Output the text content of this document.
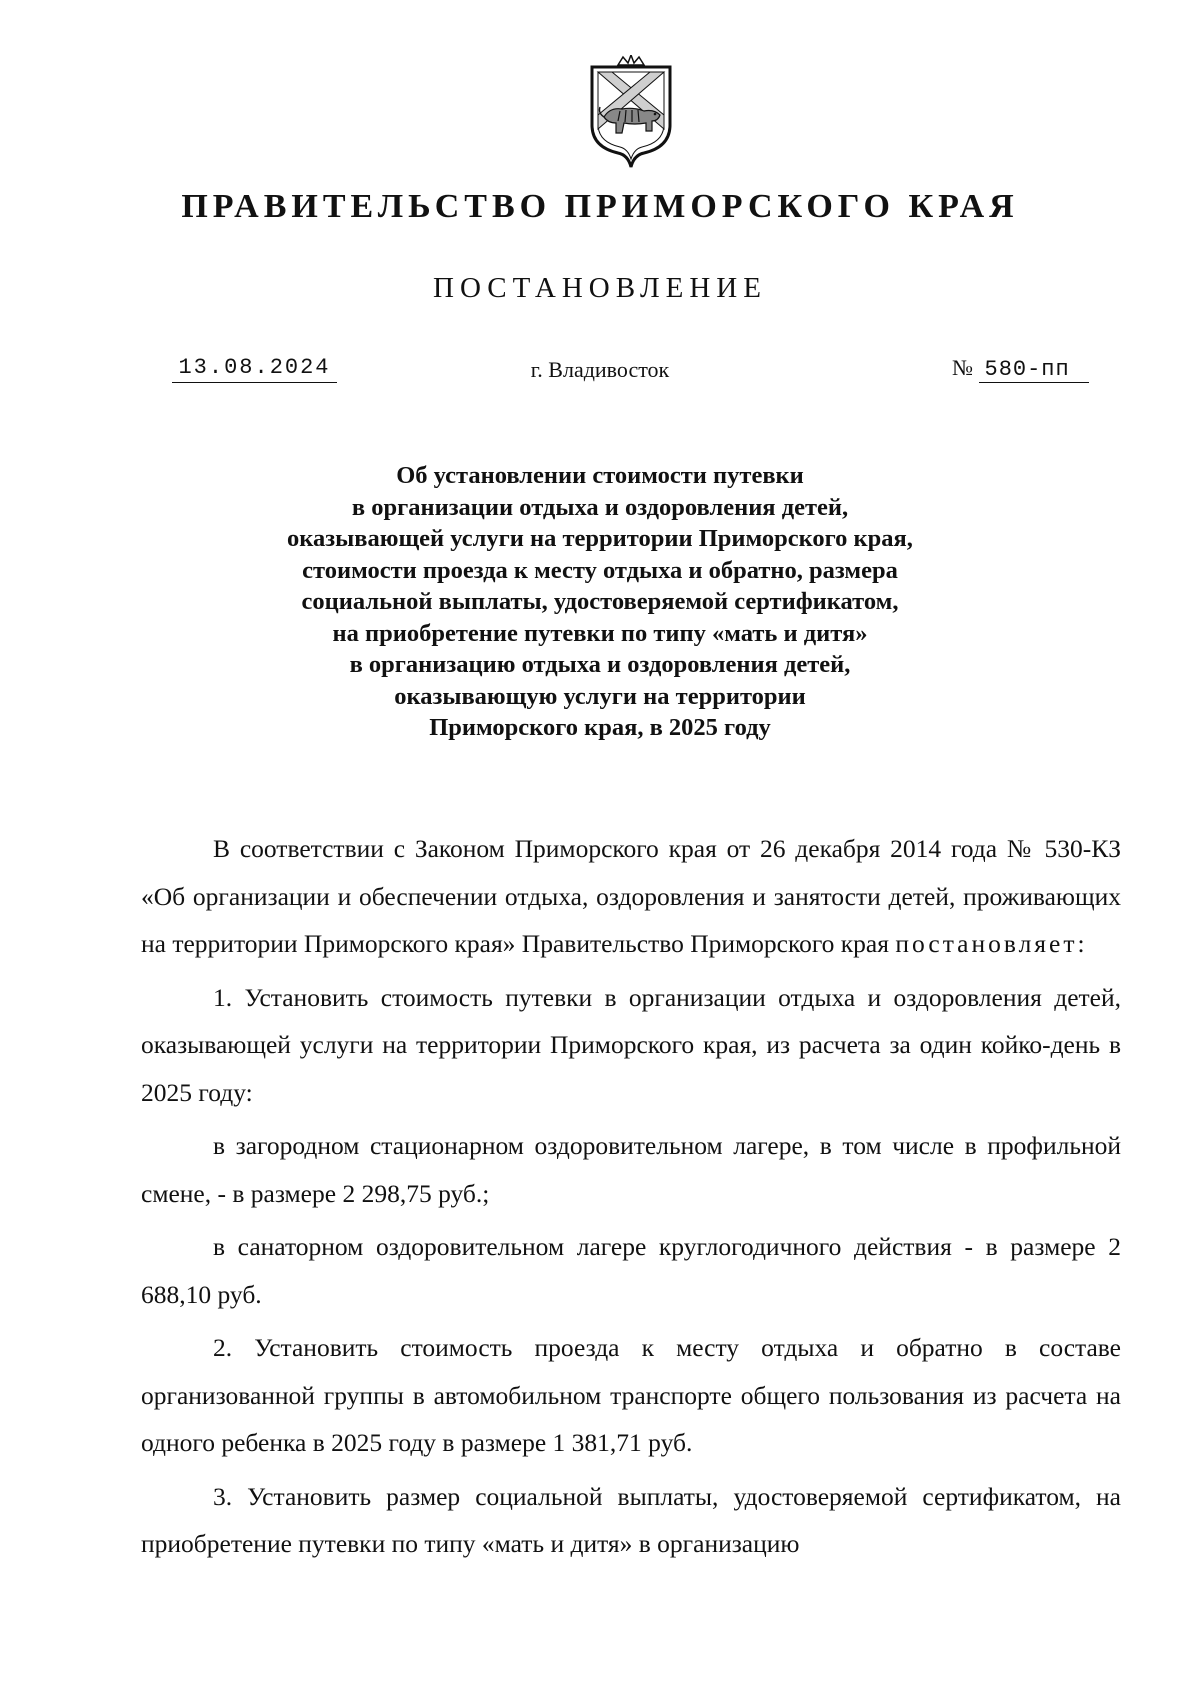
ПРАВИТЕЛЬСТВО ПРИМОРСКОГО КРАЯ
ПОСТАНОВЛЕНИЕ
13.08.2024	г. Владивосток	№ 580-пп
Об установлении стоимости путевки
в организации отдыха и оздоровления детей,
оказывающей услуги на территории Приморского края,
стоимости проезда к месту отдыха и обратно, размера
социальной выплаты, удостоверяемой сертификатом,
на приобретение путевки по типу «мать и дитя»
в организацию отдыха и оздоровления детей,
оказывающую услуги на территории
Приморского края, в 2025 году

В соответствии с Законом Приморского края от 26 декабря 2014 года № 530-КЗ «Об организации и обеспечении отдыха, оздоровления и занятости детей, проживающих на территории Приморского края» Правительство Приморского края постановляет:

1. Установить стоимость путевки в организации отдыха и оздоровления детей, оказывающей услуги на территории Приморского края, из расчета за один койко-день в 2025 году:

в загородном стационарном оздоровительном лагере, в том числе в профильной смене, - в размере 2 298,75 руб.;

в санаторном оздоровительном лагере круглогодичного действия - в размере 2 688,10 руб.

2. Установить стоимость проезда к месту отдыха и обратно в составе организованной группы в автомобильном транспорте общего пользования из расчета на одного ребенка в 2025 году в размере 1 381,71 руб.

3. Установить размер социальной выплаты, удостоверяемой сертификатом, на приобретение путевки по типу «мать и дитя» в организацию
